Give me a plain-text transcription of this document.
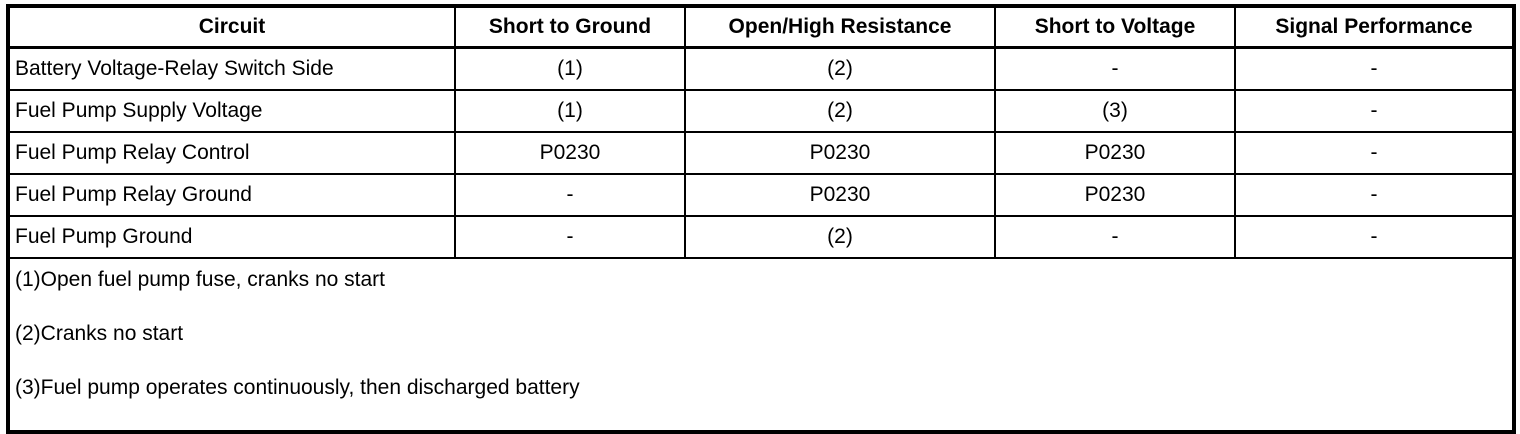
Circuit	Short to Ground	Open/High Resistance	Short to Voltage	Signal Performance
Battery Voltage-Relay Switch Side	(1)	(2)	-	-
Fuel Pump Supply Voltage	(1)	(2)	(3)	-
Fuel Pump Relay Control	P0230	P0230	P0230	-
Fuel Pump Relay Ground	-	P0230	P0230	-
Fuel Pump Ground	-	(2)	-	-

(1)Open fuel pump fuse, cranks no start
(2)Cranks no start
(3)Fuel pump operates continuously, then discharged battery				
